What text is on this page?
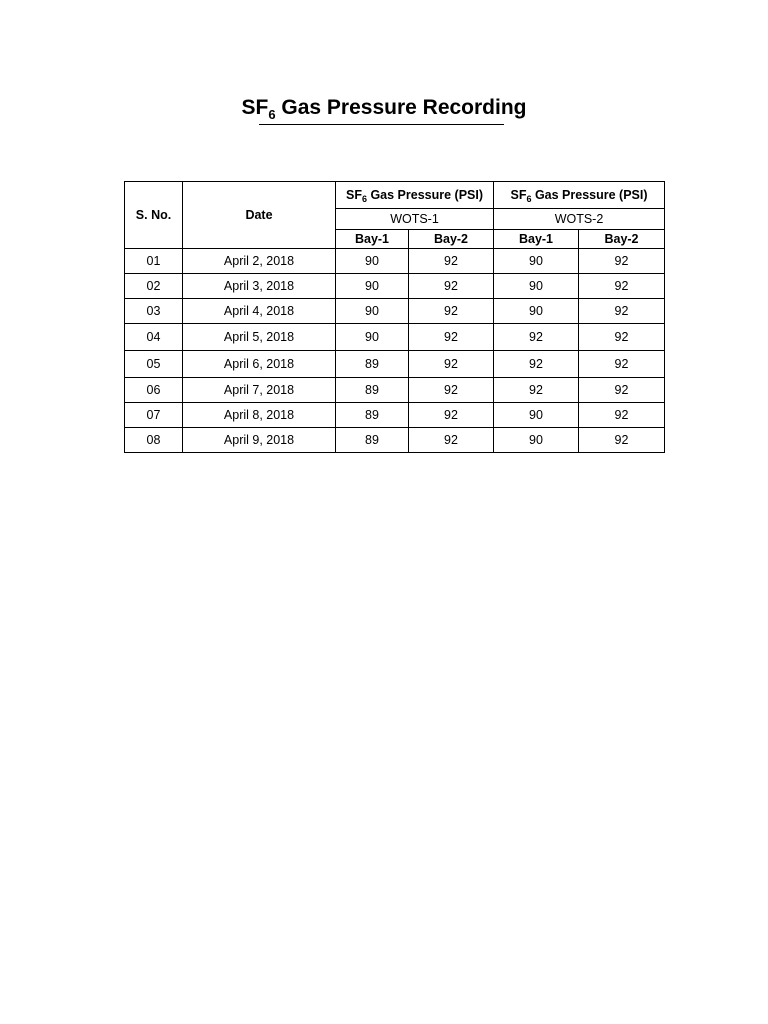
$SF_6$ Gas Pressure Recording
S. No.	Date	$SF_6$ Gas Pressure (PSI)		$SF_6$ Gas Pressure (PSI)	
		WOTS-1		WOTS-2	
		Bay-1	Bay-2	Bay-1	Bay-2
01	April 2, 2018	90	92	90	92
02	April 3, 2018	90	92	90	92
03	April 4, 2018	90	92	90	92
04	April 5, 2018	90	92	92	92
05	April 6, 2018	89	92	92	92
06	April 7, 2018	89	92	92	92
07	April 8, 2018	89	92	90	92
08	April 9, 2018	89	92	90	92
